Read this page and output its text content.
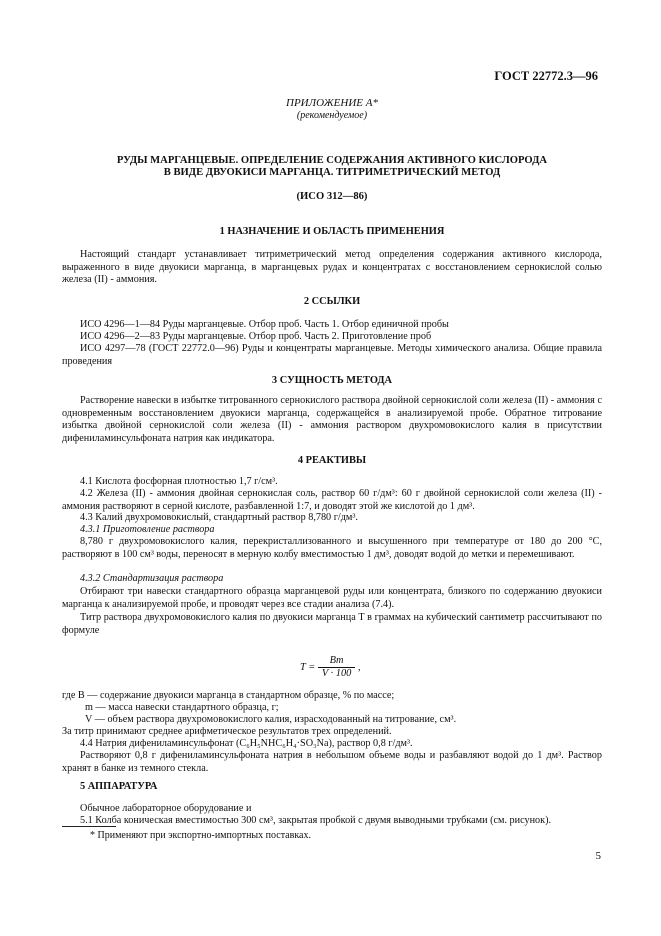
ГОСТ 22772.3—96
ПРИЛОЖЕНИЕ А*
(рекомендуемое)
РУДЫ МАРГАНЦЕВЫЕ. ОПРЕДЕЛЕНИЕ СОДЕРЖАНИЯ АКТИВНОГО КИСЛОРОДА
В ВИДЕ ДВУОКИСИ МАРГАНЦА. ТИТРИМЕТРИЧЕСКИЙ МЕТОД
(ИСО 312—86)
1 НАЗНАЧЕНИЕ И ОБЛАСТЬ ПРИМЕНЕНИЯ
Настоящий стандарт устанавливает титриметрический метод определения содержания активного кислорода, выраженного в виде двуокиси марганца, в марганцевых рудах и концентратах с восстановлением сернокислой солью железа (II) - аммония.
2 ССЫЛКИ
ИСО 4296—1—84 Руды марганцевые. Отбор проб. Часть 1. Отбор единичной пробы
ИСО 4296—2—83 Руды марганцевые. Отбор проб. Часть 2. Приготовление проб
ИСО 4297—78 (ГОСТ 22772.0—96) Руды и концентраты марганцевые. Методы химического анализа. Общие правила проведения
3 СУЩНОСТЬ МЕТОДА
Растворение навески в избытке титрованного сернокислого раствора двойной сернокислой соли железа (II) - аммония с одновременным восстановлением двуокиси марганца, содержащейся в анализируемой пробе. Обратное титрование избытка двойной сернокислой соли железа (II) - аммония раствором двухромовокислого калия в присутствии дифениламинсульфоната натрия как индикатора.
4 РЕАКТИВЫ
4.1 Кислота фосфорная плотностью 1,7 г/см³.
4.2 Железа (II) - аммония двойная сернокислая соль, раствор 60 г/дм³: 60 г двойной сернокислой соли железа (II) - аммония растворяют в серной кислоте, разбавленной 1:7, и доводят этой же кислотой до 1 дм³.
4.3 Калий двухромовокислый, стандартный раствор 8,780 г/дм³.
4.3.1 Приготовление раствора
8,780 г двухромовокислого калия, перекристаллизованного и высушенного при температуре от 180 до 200 °С, растворяют в 100 см³ воды, переносят в мерную колбу вместимостью 1 дм³, доводят водой до метки и перемешивают.
4.3.2 Стандартизация раствора
Отбирают три навески стандартного образца марганцевой руды или концентрата, близкого по содержанию двуокиси марганца к анализируемой пробе, и проводят через все стадии анализа (7.4).
Титр раствора двухромовокислого калия по двуокиси марганца T в граммах на кубический сантиметр рассчитывают по формуле
$T = \frac{Bm}{V \cdot 100}$ ,
где B — содержание двуокиси марганца в стандартном образце, % по массе;
m — масса навески стандартного образца, г;
V — объем раствора двухромовокислого калия, израсходованный на титрование, см³.
За титр принимают среднее арифметическое результатов трех определений.
4.4 Натрия дифениламинсульфонат (C₆H₅NHC₆H₄·SO₃Na), раствор 0,8 г/дм³.
Растворяют 0,8 г дифениламинсульфоната натрия в небольшом объеме воды и разбавляют водой до 1 дм³. Раствор хранят в банке из темного стекла.
5 АППАРАТУРА
Обычное лабораторное оборудование и
5.1 Колба коническая вместимостью 300 см³, закрытая пробкой с двумя выводными трубками (см. рисунок).
* Применяют при экспортно-импортных поставках.
5
